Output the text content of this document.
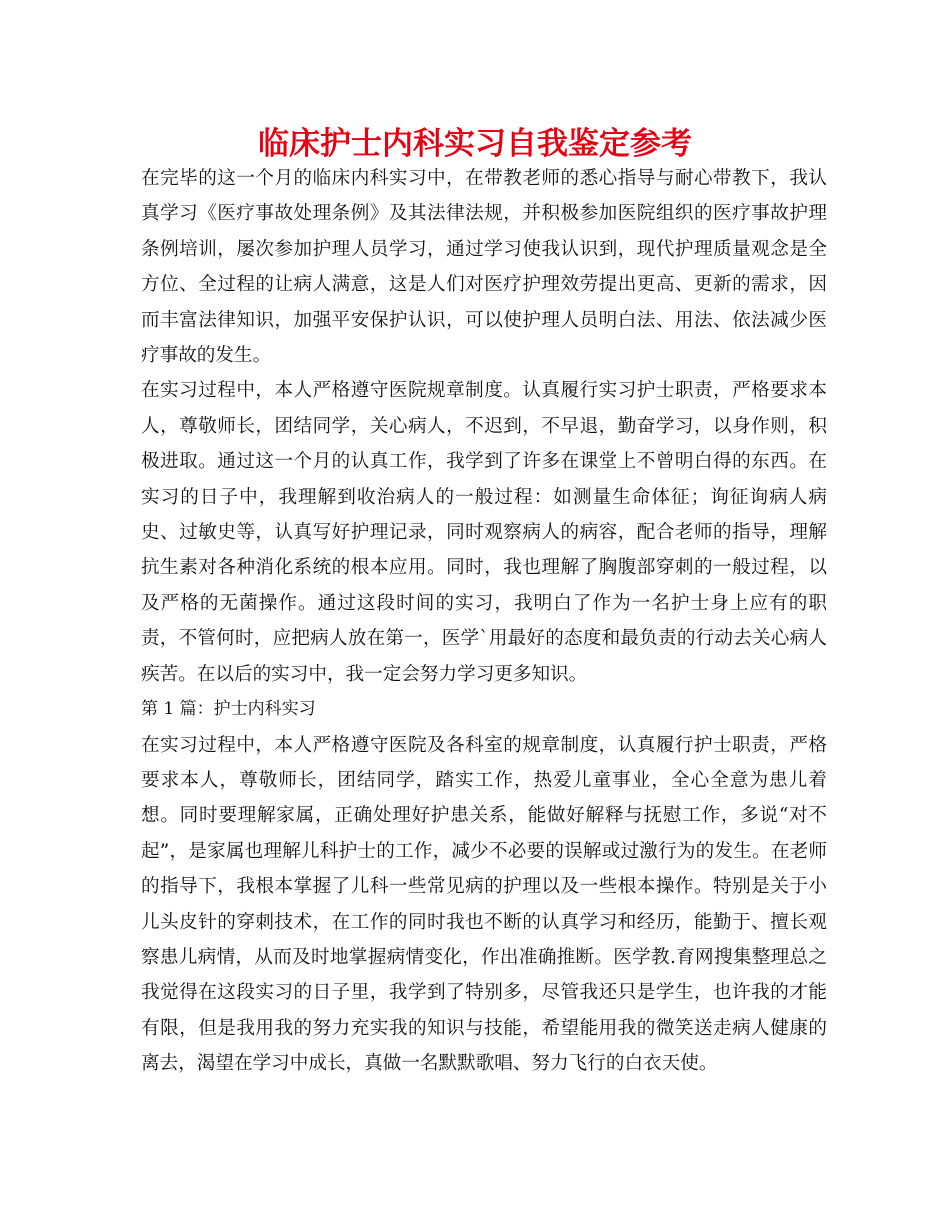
临床护士内科实习自我鉴定参考

在完毕的这一个月的临床内科实习中，在带教老师的悉心指导与耐心带教下，我认真学习《医疗事故处理条例》及其法律法规，并积极参加医院组织的医疗事故护理条例培训，屡次参加护理人员学习，通过学习使我认识到，现代护理质量观念是全方位、全过程的让病人满意，这是人们对医疗护理效劳提出更高、更新的需求，因而丰富法律知识，加强平安保护认识，可以使护理人员明白法、用法、依法减少医疗事故的发生。

在实习过程中，本人严格遵守医院规章制度。认真履行实习护士职责，严格要求本人，尊敬师长，团结同学，关心病人，不迟到，不早退，勤奋学习，以身作则，积极进取。通过这一个月的认真工作，我学到了许多在课堂上不曾明白得的东西。在实习的日子中，我理解到收治病人的一般过程：如测量生命体征；询征询病人病史、过敏史等，认真写好护理记录，同时观察病人的病容，配合老师的指导，理解抗生素对各种消化系统的根本应用。同时，我也理解了胸腹部穿刺的一般过程，以及严格的无菌操作。通过这段时间的实习，我明白了作为一名护士身上应有的职责，不管何时，应把病人放在第一，医学`用最好的态度和最负责的行动去关心病人疾苦。在以后的实习中，我一定会努力学习更多知识。

第 1 篇：护士内科实习

在实习过程中，本人严格遵守医院及各科室的规章制度，认真履行护士职责，严格要求本人，尊敬师长，团结同学，踏实工作，热爱儿童事业，全心全意为患儿着想。同时要理解家属，正确处理好护患关系，能做好解释与抚慰工作，多说“对不起”，是家属也理解儿科护士的工作，减少不必要的误解或过激行为的发生。在老师的指导下，我根本掌握了儿科一些常见病的护理以及一些根本操作。特别是关于小儿头皮针的穿刺技术，在工作的同时我也不断的认真学习和经历，能勤于、擅长观察患儿病情，从而及时地掌握病情变化，作出准确推断。医学教.育网搜集整理总之我觉得在这段实习的日子里，我学到了特别多，尽管我还只是学生，也许我的才能有限，但是我用我的努力充实我的知识与技能，希望能用我的微笑送走病人健康的离去，渴望在学习中成长，真做一名默默歌唱、努力飞行的白衣天使。
